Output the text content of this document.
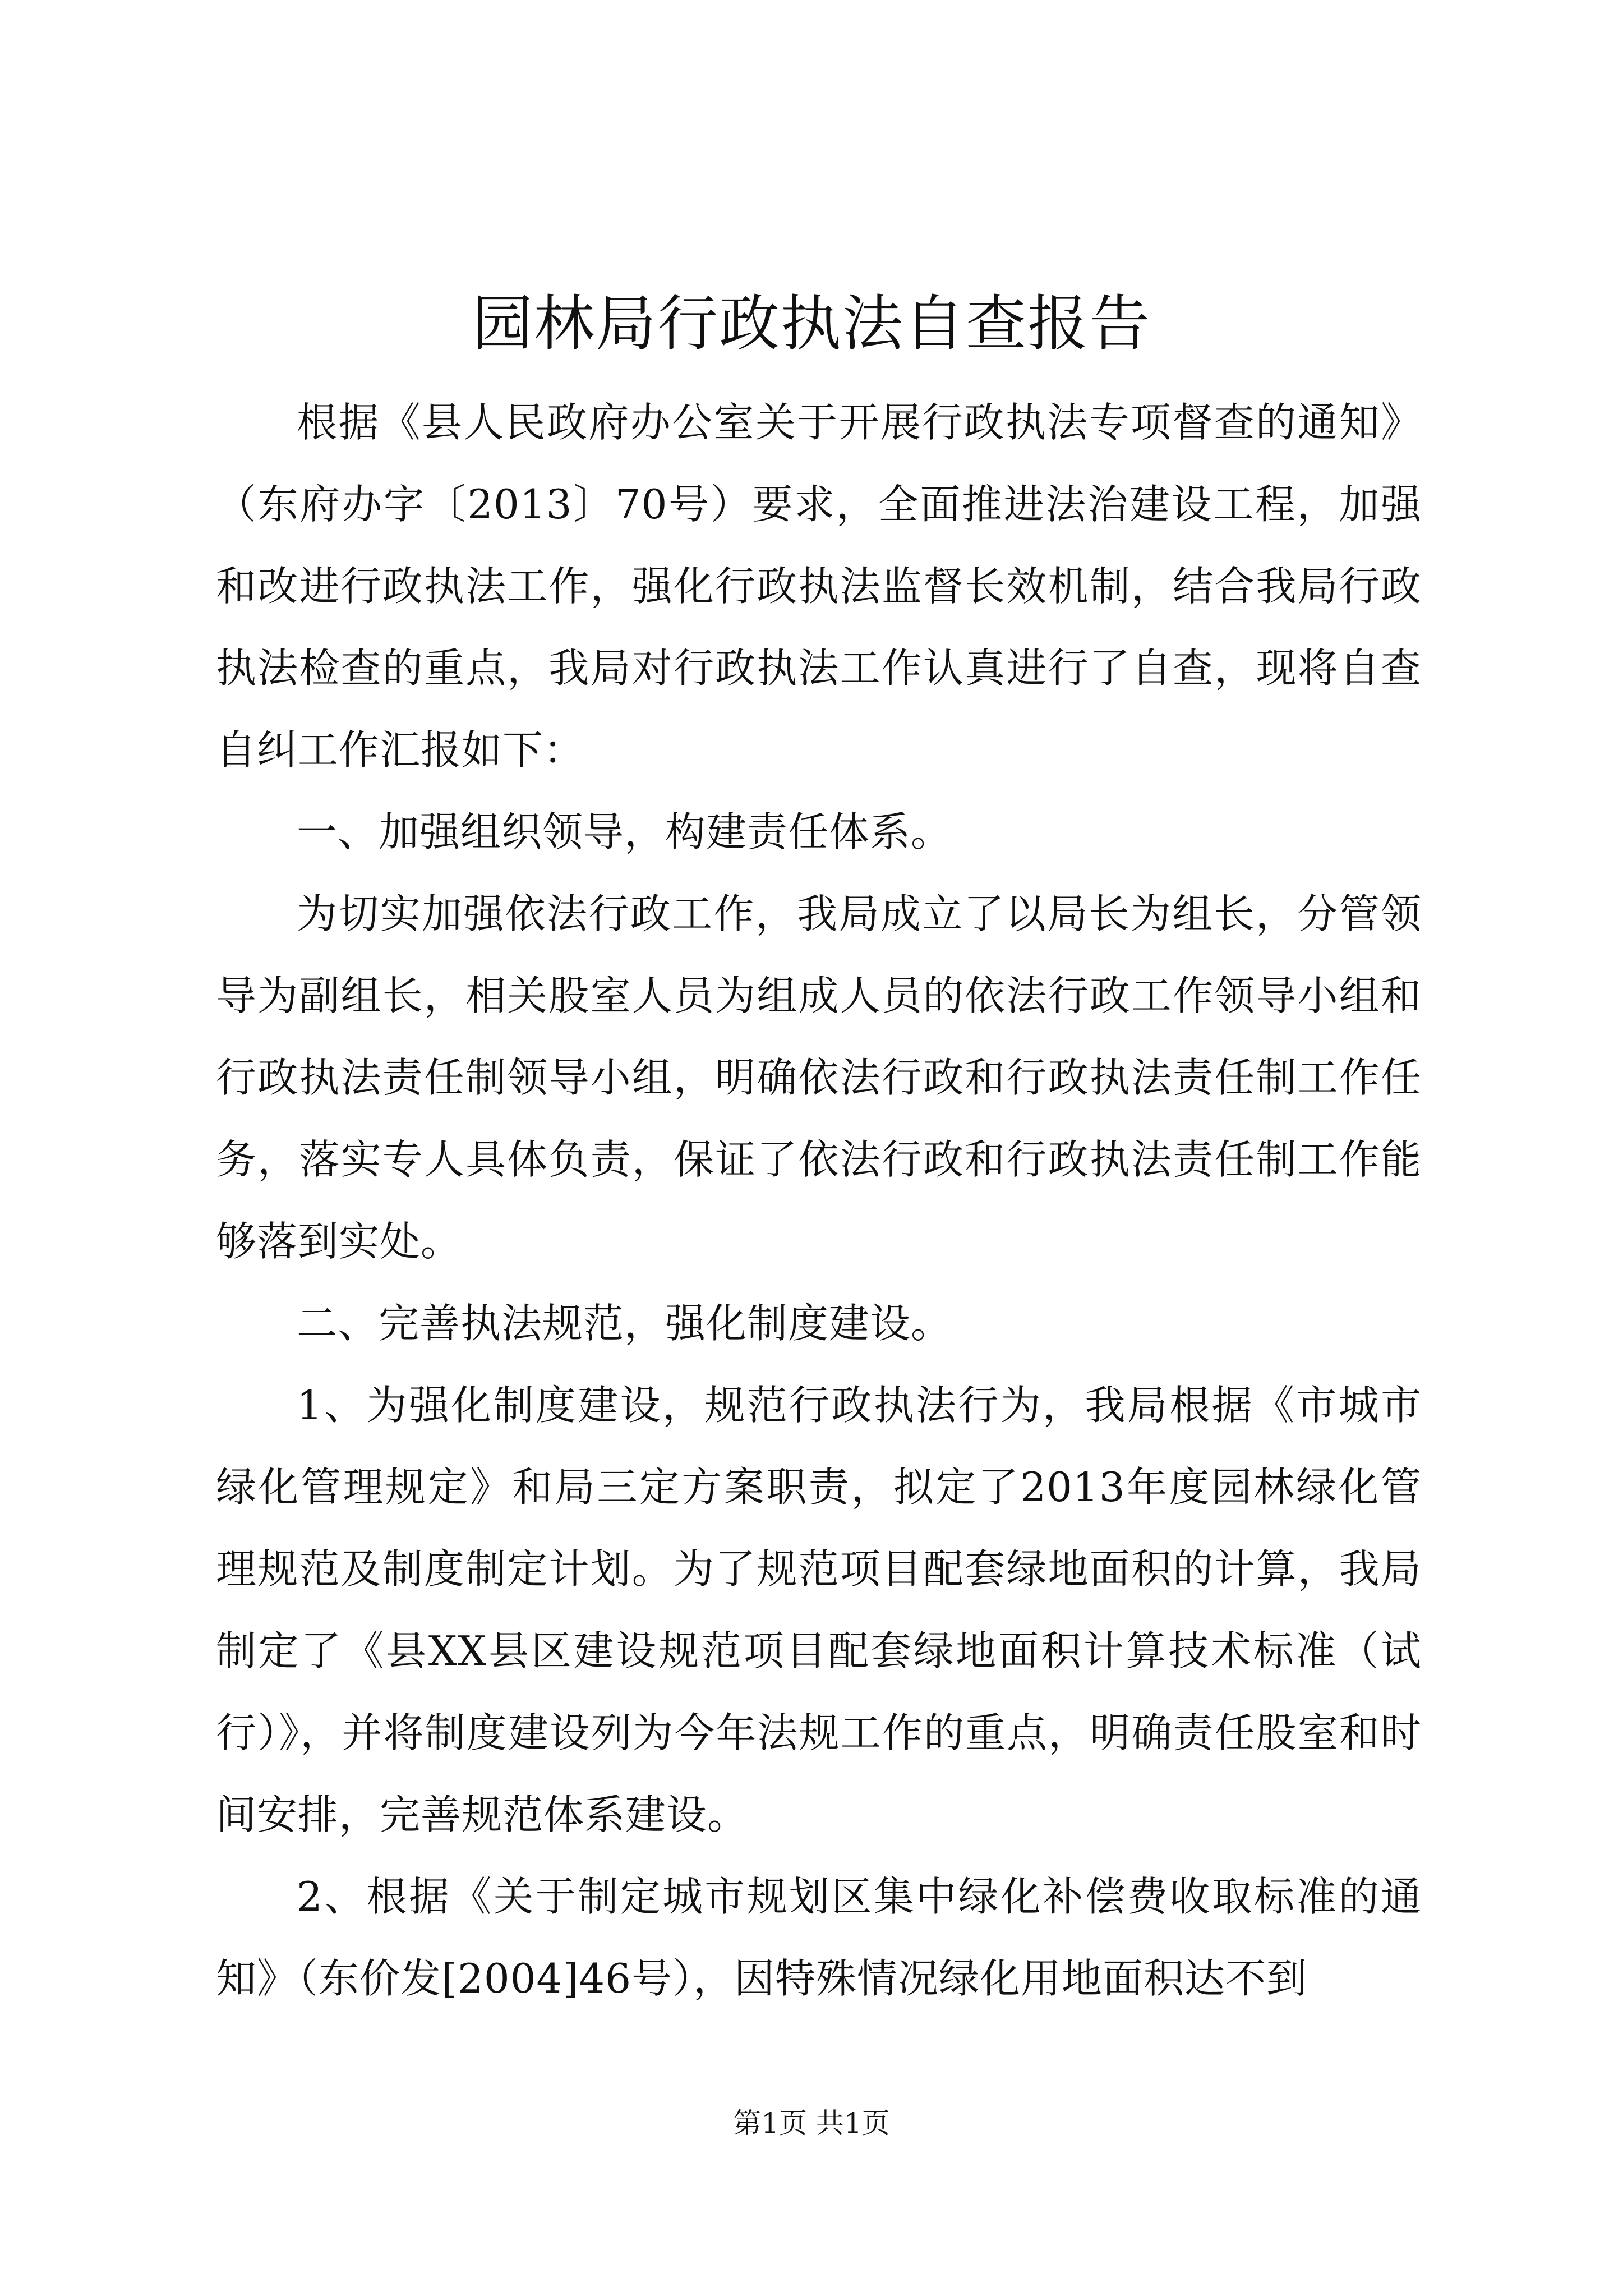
园林局行政执法自查报告

根据《县人民政府办公室关于开展行政执法专项督查的通知》（东府办字〔2013〕70号）要求，全面推进法治建设工程，加强和改进行政执法工作，强化行政执法监督长效机制，结合我局行政执法检查的重点，我局对行政执法工作认真进行了自查，现将自查自纠工作汇报如下：

一、加强组织领导，构建责任体系。

为切实加强依法行政工作，我局成立了以局长为组长，分管领导为副组长，相关股室人员为组成人员的依法行政工作领导小组和行政执法责任制领导小组，明确依法行政和行政执法责任制工作任务，落实专人具体负责，保证了依法行政和行政执法责任制工作能够落到实处。

二、完善执法规范，强化制度建设。

1、为强化制度建设，规范行政执法行为，我局根据《市城市绿化管理规定》和局三定方案职责，拟定了2013年度园林绿化管理规范及制度制定计划。为了规范项目配套绿地面积的计算，我局制定了《县XX县区建设规范项目配套绿地面积计算技术标准（试行）》，并将制度建设列为今年法规工作的重点，明确责任股室和时间安排，完善规范体系建设。

2、根据《关于制定城市规划区集中绿化补偿费收取标准的通知》（东价发[2004]46号），因特殊情况绿化用地面积达不到

第1页 共1页
